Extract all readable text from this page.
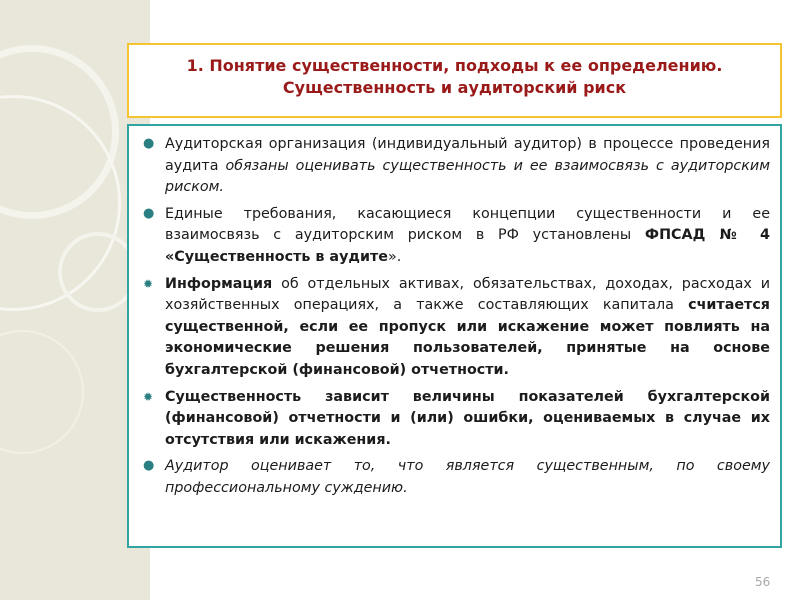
1. Понятие существенности, подходы к ее определению.
Существенность и аудиторский риск
● Аудиторская организация (индивидуальный аудитор) в процессе проведения аудита обязаны оценивать существенность и ее взаимосвязь с аудиторским риском.
● Единые требования, касающиеся концепции существенности и ее взаимосвязь с аудиторским риском в РФ установлены ФПСАД № 4 «Существенность в аудите».
✹ Информация об отдельных активах, обязательствах, доходах, расходах и хозяйственных операциях, а также составляющих капитала считается существенной, если ее пропуск или искажение может повлиять на экономические решения пользователей, принятые на основе бухгалтерской (финансовой) отчетности.
✹ Существенность зависит величины показателей бухгалтерской (финансовой) отчетности и (или) ошибки, оцениваемых в случае их отсутствия или искажения.
● Аудитор оценивает то, что является существенным, по своему профессиональному суждению.
56
